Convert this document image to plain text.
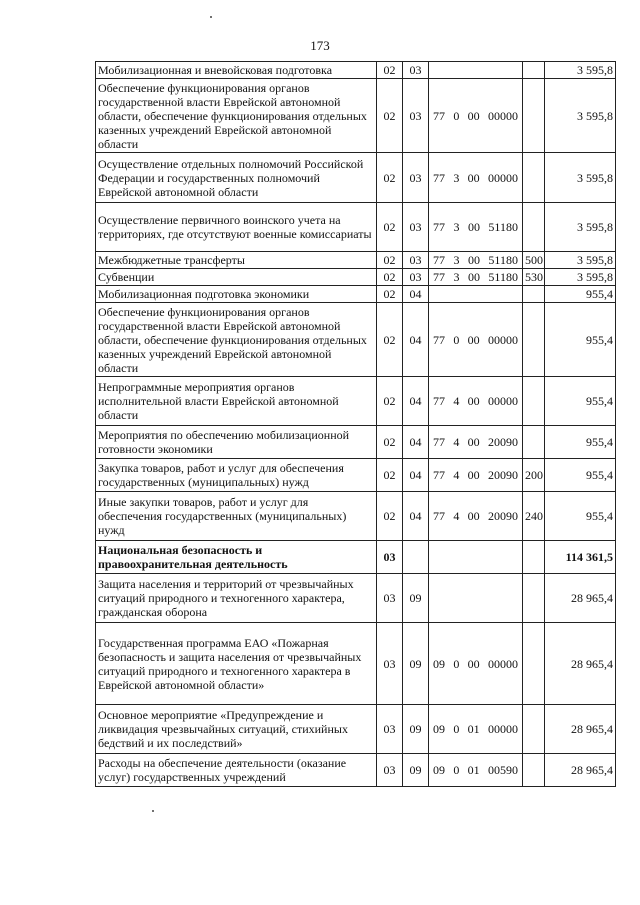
173
Мобилизационная и вневойсковая подготовка	02	03			3 595,8
Обеспечение функционирования органов государственной власти Еврейской автономной области, обеспечение функционирования отдельных казенных учреждений Еврейской автономной области	02	03	77 0 00 00000		3 595,8
Осуществление отдельных полномочий Российской Федерации и государственных полномочий Еврейской автономной области	02	03	77 3 00 00000		3 595,8
Осуществление первичного воинского учета на территориях, где отсутствуют военные комиссариаты	02	03	77 3 00 51180		3 595,8
Межбюджетные трансферты	02	03	77 3 00 51180	500	3 595,8
Субвенции	02	03	77 3 00 51180	530	3 595,8
Мобилизационная подготовка экономики	02	04			955,4
Обеспечение функционирования органов государственной власти Еврейской автономной области, обеспечение функционирования отдельных казенных учреждений Еврейской автономной области	02	04	77 0 00 00000		955,4
Непрограммные мероприятия органов исполнительной власти Еврейской автономной области	02	04	77 4 00 00000		955,4
Мероприятия по обеспечению мобилизационной готовности экономики	02	04	77 4 00 20090		955,4
Закупка товаров, работ и услуг для обеспечения государственных (муниципальных) нужд	02	04	77 4 00 20090	200	955,4
Иные закупки товаров, работ и услуг для обеспечения государственных (муниципальных) нужд	02	04	77 4 00 20090	240	955,4
Национальная безопасность и правоохранительная деятельность	03				114 361,5
Защита населения и территорий от чрезвычайных ситуаций природного и техногенного характера, гражданская оборона	03	09			28 965,4
Государственная программа ЕАО «Пожарная безопасность и защита населения от чрезвычайных ситуаций природного и техногенного характера в Еврейской автономной области»	03	09	09 0 00 00000		28 965,4
Основное мероприятие «Предупреждение и ликвидация чрезвычайных ситуаций, стихийных бедствий и их последствий»	03	09	09 0 01 00000		28 965,4
Расходы на обеспечение деятельности (оказание услуг) государственных учреждений	03	09	09 0 01 00590		28 965,4
